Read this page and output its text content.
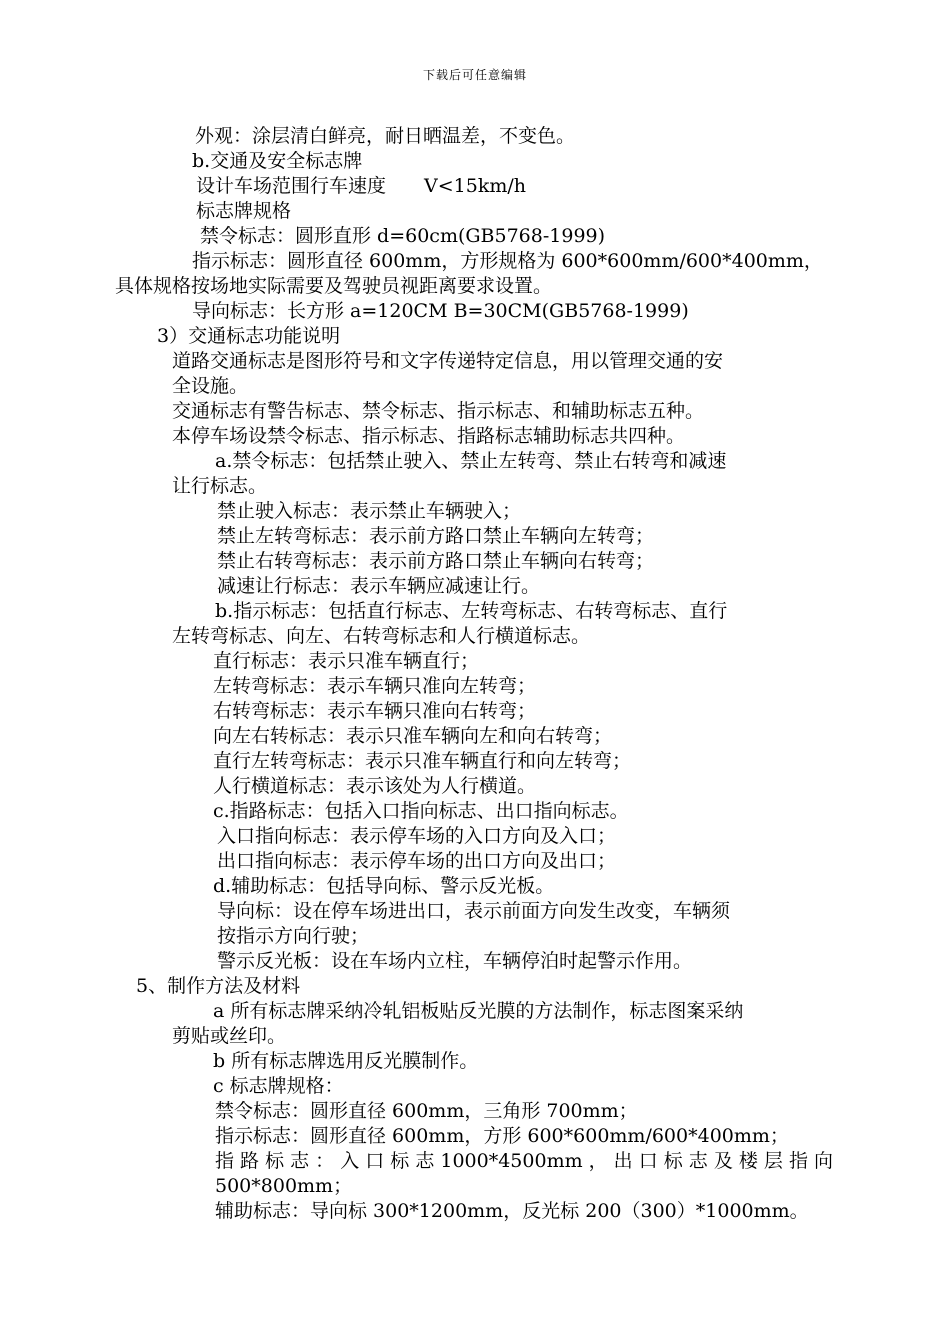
下载后可任意编辑
外观：涂层清白鲜亮，耐日晒温差，不变色。
b.交通及安全标志牌
设计车场范围行车速度　　V<15km/h
标志牌规格
禁令标志：圆形直形 d=60cm(GB5768-1999)
指示标志：圆形直径 600mm，方形规格为 600*600mm/600*400mm，
具体规格按场地实际需要及驾驶员视距离要求设置。
导向标志：长方形 a=120CM B=30CM(GB5768-1999)
3）交通标志功能说明
道路交通标志是图形符号和文字传递特定信息，用以管理交通的安
全设施。
交通标志有警告标志、禁令标志、指示标志、和辅助标志五种。
本停车场设禁令标志、指示标志、指路标志辅助标志共四种。
a.禁令标志：包括禁止驶入、禁止左转弯、禁止右转弯和减速
让行标志。
禁止驶入标志：表示禁止车辆驶入；
禁止左转弯标志：表示前方路口禁止车辆向左转弯；
禁止右转弯标志：表示前方路口禁止车辆向右转弯；
减速让行标志：表示车辆应减速让行。
b.指示标志：包括直行标志、左转弯标志、右转弯标志、直行
左转弯标志、向左、右转弯标志和人行横道标志。
直行标志：表示只准车辆直行；
左转弯标志：表示车辆只准向左转弯；
右转弯标志：表示车辆只准向右转弯；
向左右转标志：表示只准车辆向左和向右转弯；
直行左转弯标志：表示只准车辆直行和向左转弯；
人行横道标志：表示该处为人行横道。
c.指路标志：包括入口指向标志、出口指向标志。
入口指向标志：表示停车场的入口方向及入口；
出口指向标志：表示停车场的出口方向及出口；
d.辅助标志：包括导向标、警示反光板。
导向标：设在停车场进出口，表示前面方向发生改变，车辆须
按指示方向行驶；
警示反光板：设在车场内立柱，车辆停泊时起警示作用。
5、制作方法及材料
a 所有标志牌采纳冷轧铝板贴反光膜的方法制作，标志图案采纳
剪贴或丝印。
b 所有标志牌选用反光膜制作。
c 标志牌规格：
禁令标志：圆形直径 600mm，三角形 700mm；
指示标志：圆形直径 600mm，方形 600*600mm/600*400mm；
指 路 标 志 ： 入 口 标 志 1000*4500mm ， 出 口 标 志 及 楼 层 指 向
500*800mm；
辅助标志：导向标 300*1200mm，反光标 200（300）*1000mm。
